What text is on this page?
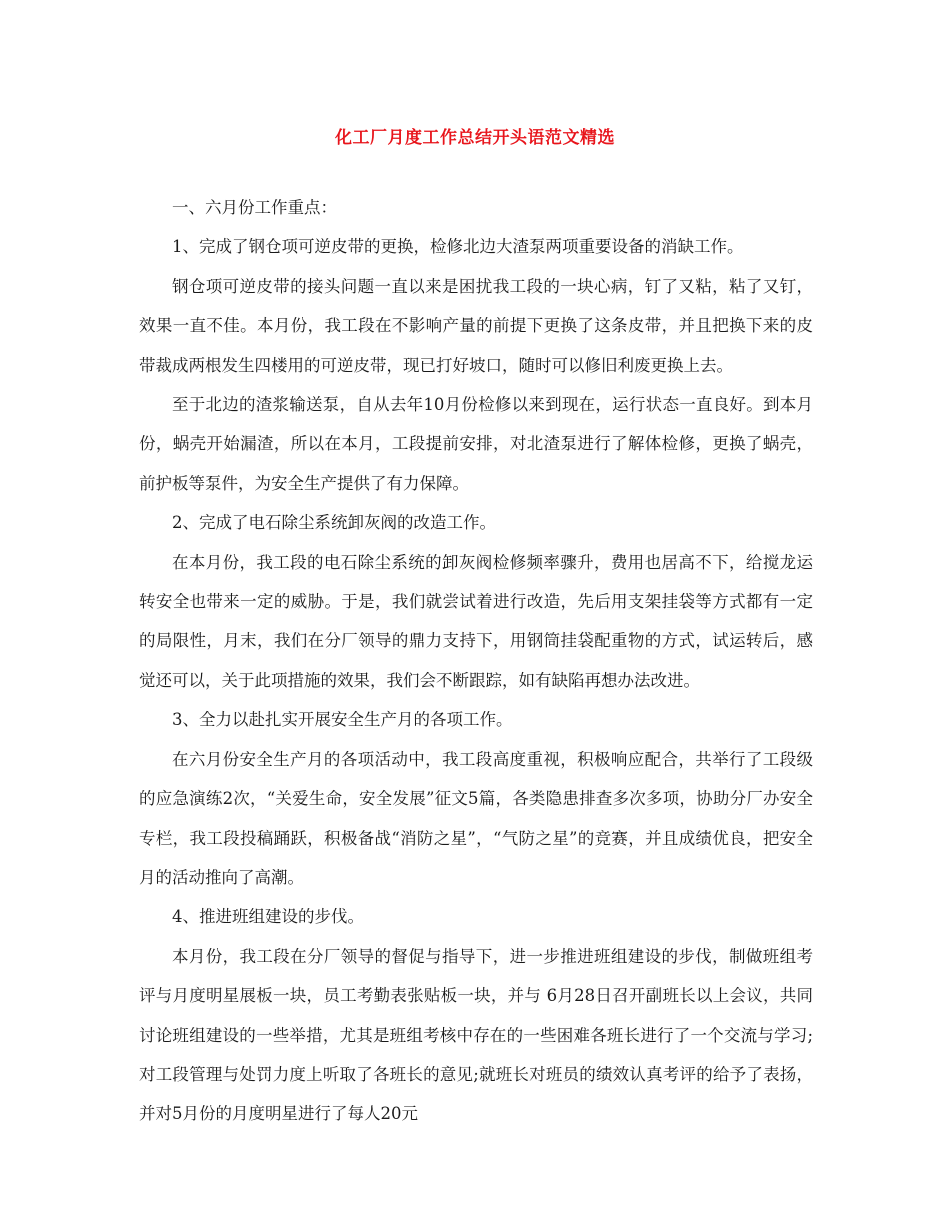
化工厂月度工作总结开头语范文精选

一、六月份工作重点：

1、完成了钢仓项可逆皮带的更换，检修北边大渣泵两项重要设备的消缺工作。

钢仓项可逆皮带的接头问题一直以来是困扰我工段的一块心病，钉了又粘，粘了又钉，效果一直不佳。本月份，我工段在不影响产量的前提下更换了这条皮带，并且把换下来的皮带裁成两根发生四楼用的可逆皮带，现已打好坡口，随时可以修旧利废更换上去。

至于北边的渣浆输送泵，自从去年10月份检修以来到现在，运行状态一直良好。到本月份，蜗壳开始漏渣，所以在本月，工段提前安排，对北渣泵进行了解体检修，更换了蜗壳，前护板等泵件，为安全生产提供了有力保障。

2、完成了电石除尘系统卸灰阀的改造工作。

在本月份，我工段的电石除尘系统的卸灰阀检修频率骤升，费用也居高不下，给搅龙运转安全也带来一定的威胁。于是，我们就尝试着进行改造，先后用支架挂袋等方式都有一定的局限性，月末，我们在分厂领导的鼎力支持下，用钢筒挂袋配重物的方式，试运转后，感觉还可以，关于此项措施的效果，我们会不断跟踪，如有缺陷再想办法改进。

3、全力以赴扎实开展安全生产月的各项工作。

在六月份安全生产月的各项活动中，我工段高度重视，积极响应配合，共举行了工段级的应急演练2次，“关爱生命，安全发展”征文5篇，各类隐患排查多次多项，协助分厂办安全专栏，我工段投稿踊跃，积极备战“消防之星”，“气防之星”的竞赛，并且成绩优良，把安全月的活动推向了高潮。

4、推进班组建设的步伐。

本月份，我工段在分厂领导的督促与指导下，进一步推进班组建设的步伐，制做班组考评与月度明星展板一块，员工考勤表张贴板一块，并与 6月28日召开副班长以上会议，共同讨论班组建设的一些举措，尤其是班组考核中存在的一些困难各班长进行了一个交流与学习;对工段管理与处罚力度上听取了各班长的意见;就班长对班员的绩效认真考评的给予了表扬，并对5月份的月度明星进行了每人20元
